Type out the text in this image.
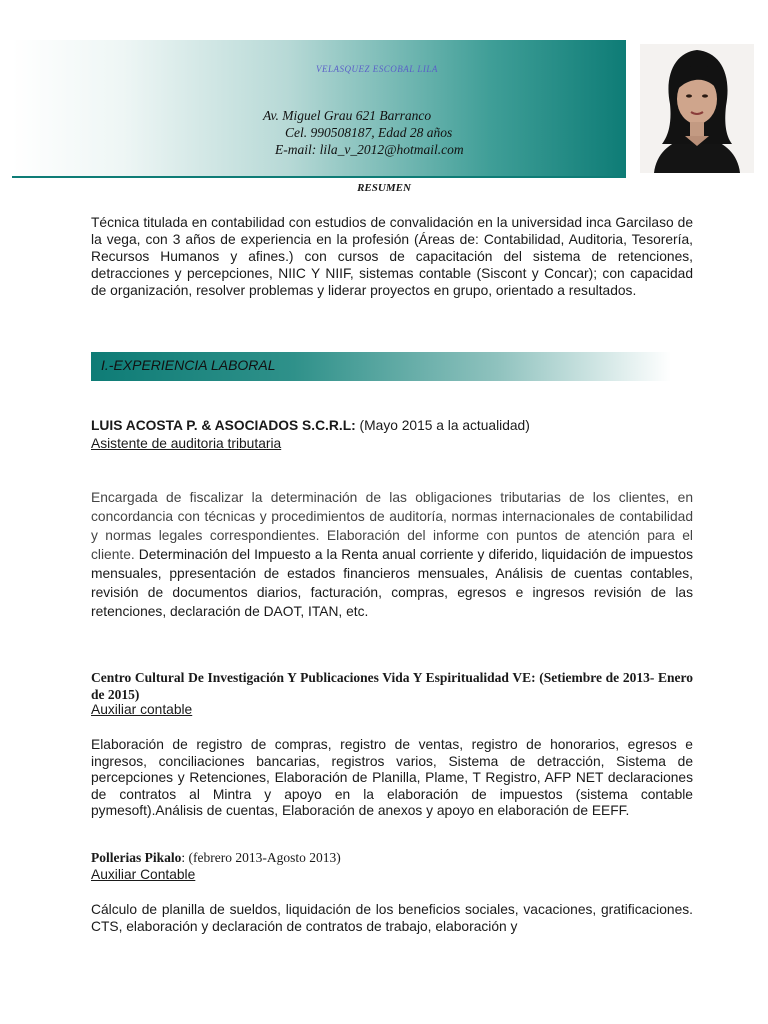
VELASQUEZ ESCOBAL LILA
Av. Miguel Grau 621 Barranco
Cel. 990508187, Edad 28 años
E-mail: lila_v_2012@hotmail.com
RESUMEN
Técnica titulada en contabilidad con estudios de convalidación en la universidad inca Garcilaso de la vega, con 3 años de experiencia en la profesión (Áreas de: Contabilidad, Auditoria, Tesorería, Recursos Humanos y afines.) con cursos de capacitación del sistema de retenciones, detracciones y percepciones, NIIC Y NIIF, sistemas contable (Siscont y Concar); con capacidad de organización, resolver problemas y liderar proyectos en grupo, orientado a resultados.
I.-EXPERIENCIA LABORAL
LUIS ACOSTA P. & ASOCIADOS S.C.R.L: (Mayo 2015 a la actualidad)
Asistente de auditoria tributaria
Encargada de fiscalizar la determinación de las obligaciones tributarias de los clientes, en concordancia con técnicas y procedimientos de auditoría, normas internacionales de contabilidad y normas legales correspondientes. Elaboración del informe con puntos de atención para el cliente. Determinación del Impuesto a la Renta anual corriente y diferido, liquidación de impuestos mensuales, ppresentación de estados financieros mensuales, Análisis de cuentas contables, revisión de documentos diarios, facturación, compras, egresos e ingresos revisión de las retenciones, declaración de DAOT, ITAN, etc.
Centro Cultural De Investigación Y Publicaciones Vida Y Espiritualidad VE: (Setiembre de 2013- Enero de 2015)
Auxiliar contable
Elaboración de registro de compras, registro de ventas, registro de honorarios, egresos e ingresos, conciliaciones bancarias, registros varios, Sistema de detracción, Sistema de percepciones y Retenciones, Elaboración de Planilla, Plame, T Registro, AFP NET declaraciones de contratos al Mintra y apoyo en la elaboración de impuestos (sistema contable pymesoft).Análisis de cuentas, Elaboración de anexos y apoyo en elaboración de EEFF.
Pollerias Pikalo: (febrero 2013-Agosto 2013)
Auxiliar Contable
Cálculo de planilla de sueldos, liquidación de los beneficios sociales, vacaciones, gratificaciones. CTS, elaboración y declaración de contratos de trabajo, elaboración y
